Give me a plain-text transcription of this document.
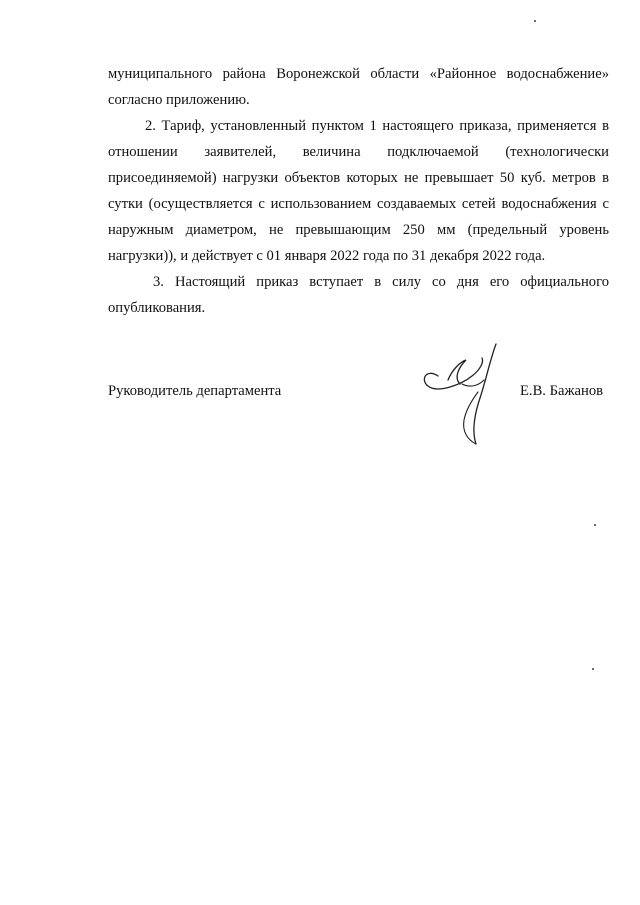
муниципального района Воронежской области «Районное водоснабжение»
согласно приложению.
2. Тариф, установленный пунктом 1 настоящего приказа, применяется в
отношении заявителей, величина подключаемой (технологически
присоединяемой) нагрузки объектов которых не превышает 50 куб. метров в
сутки (осуществляется с использованием создаваемых сетей водоснабжения с
наружным диаметром, не превышающим 250 мм (предельный уровень
нагрузки)), и действует с 01 января 2022 года по 31 декабря 2022 года.
3. Настоящий приказ вступает в силу со дня его официального
опубликования.
Руководитель департамента	Е.В. Бажанов
